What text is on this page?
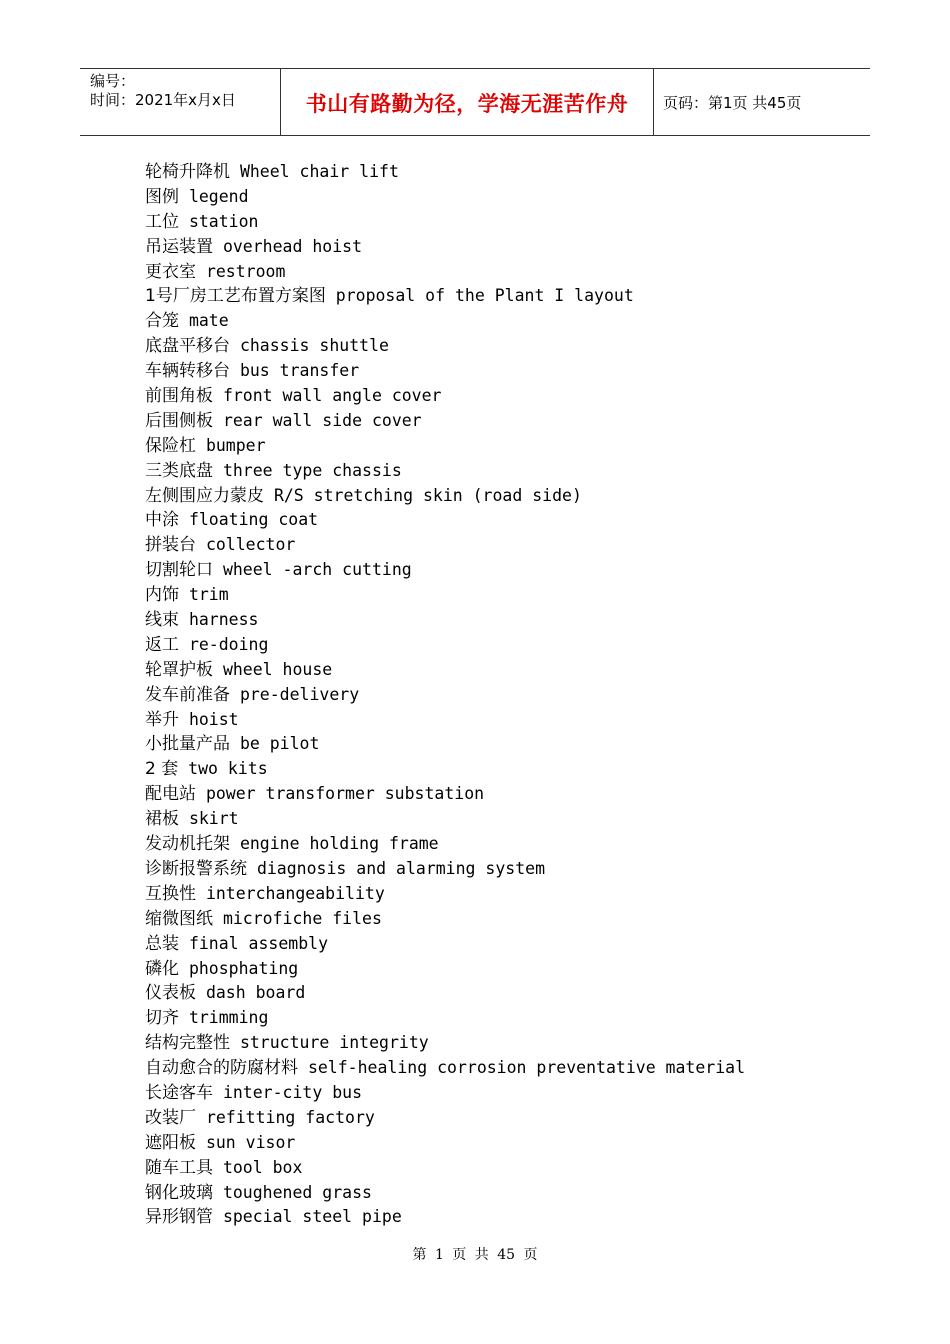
编号：
时间：2021年x月x日	书山有路勤为径，学海无涯苦作舟	页码：第1页 共45页
轮椅升降机 Wheel chair lift
图例 legend
工位 station
吊运装置 overhead hoist
更衣室 restroom
1号厂房工艺布置方案图 proposal of the Plant I layout
合笼 mate
底盘平移台 chassis shuttle
车辆转移台 bus transfer
前围角板 front wall angle cover
后围侧板 rear wall side cover
保险杠 bumper
三类底盘 three type chassis
左侧围应力蒙皮 R/S stretching skin (road side)
中涂 floating coat
拼装台 collector
切割轮口 wheel -arch cutting
内饰 trim
线束 harness
返工 re-doing
轮罩护板 wheel house
发车前准备 pre-delivery
举升 hoist
小批量产品 be pilot
2 套 two kits
配电站 power transformer substation
裙板 skirt
发动机托架 engine holding frame
诊断报警系统 diagnosis and alarming system
互换性 interchangeability
缩微图纸 microfiche files
总装 final assembly
磷化 phosphating
仪表板 dash board
切齐 trimming
结构完整性 structure integrity
自动愈合的防腐材料 self-healing corrosion preventative material
长途客车 inter-city bus
改装厂 refitting factory
遮阳板 sun visor
随车工具 tool box
钢化玻璃 toughened grass
异形钢管 special steel pipe
第 1 页 共 45 页
